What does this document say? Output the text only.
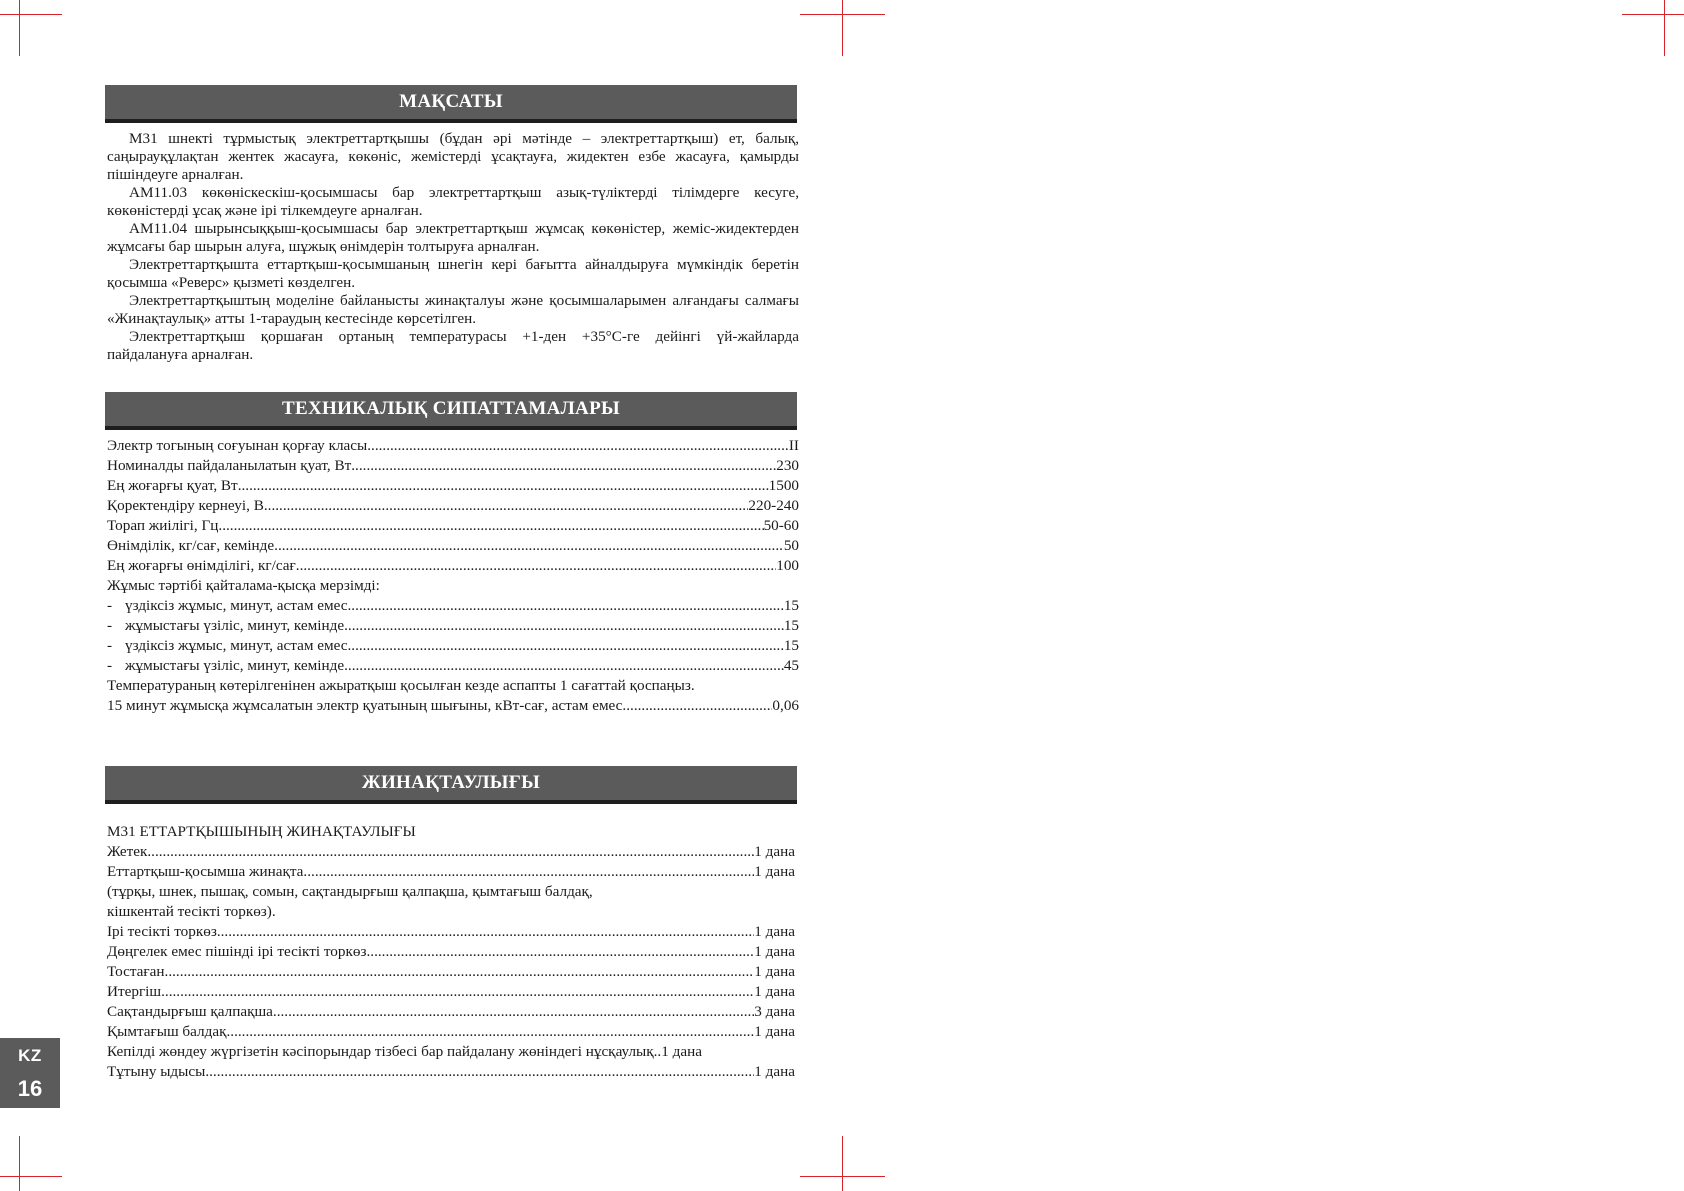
МАҚСАТЫ

М31 шнекті тұрмыстық электреттартқышы (бұдан әрі мәтінде – электреттартқыш) ет, балық, саңырауқұлақтан жентек жасауға, көкөніс, жемістерді ұсақтауға, жидектен езбе жасауға, қамырды пішіндеуге арналған.

АМ11.03 көкөніскескіш-қосымшасы бар электреттартқыш азық-түліктерді тілімдерге кесуге, көкөністерді ұсақ және ірі тілкемдеуге арналған.

АМ11.04 шырынсыққыш-қосымшасы бар электреттартқыш жұмсақ көкөністер, жеміс-жидектерден жұмсағы бар шырын алуға, шұжық өнімдерін толтыруға арналған.

Электреттартқышта еттартқыш-қосымшаның шнегін кері бағытта айналдыруға мүмкіндік беретін қосымша «Реверс» қызметі көзделген.

Электреттартқыштың моделіне байланысты жинақталуы және қосымшаларымен алғандағы салмағы «Жинақтаулық» атты 1-тараудың кестесінде көрсетілген.

Электреттартқыш қоршаған ортаның температурасы +1-ден +35°С-ге дейінгі үй-жайларда пайдалануға арналған.

ТЕХНИКАЛЫҚ СИПАТТАМАЛАРЫ
Электр тогының соғуынан қорғау класы .....	II
Номиналды пайдаланылатын қуат, Вт .....	230
Ең жоғарғы қуат, Вт .....	1500
Қоректендіру кернеуі, В .....	220-240
Торап жиілігі, Гц .....	50-60
Өнімділік, кг/сағ, кемінде .....	50
Ең жоғарғы өнімділігі, кг/сағ .....	100
Жұмыс тәртібі қайталама-қысқа мерзімді:
- үздіксіз жұмыс, минут, астам емес .....	15
- жұмыстағы үзіліс, минут, кемінде .....	15
- үздіксіз жұмыс, минут, астам емес .....	15
- жұмыстағы үзіліс, минут, кемінде .....	45
Температураның көтерілгенінен ажыратқыш қосылған кезде аспапты 1 сағаттай қоспаңыз.
15 минут жұмысқа жұмсалатын электр қуатының шығыны, кВт-сағ, астам емес .....	0,06
ЖИНАҚТАУЛЫҒЫ
М31 ЕТТАРТҚЫШЫНЫҢ ЖИНАҚТАУЛЫҒЫ
Жетек .....	1 дана
Еттартқыш-қосымша жинақта .....	1 дана
(тұрқы, шнек, пышақ, сомын, сақтандырғыш қалпақша, қымтағыш балдақ,
кішкентай тесікті торкөз).
Ірі тесікті торкөз .....	1 дана
Дөңгелек емес пішінді ірі тесікті торкөз .....	1 дана
Тостаған .....	1 дана
Итергіш .....	1 дана
Сақтандырғыш қалпақша .....	3 дана
Қымтағыш балдақ .....	1 дана
Кепілді жөндеу жүргізетін кәсіпорындар тізбесі бар пайдалану жөніндегі нұсқаулық..1 дана
Тұтыну ыдысы .....	1 дана
KZ
16
